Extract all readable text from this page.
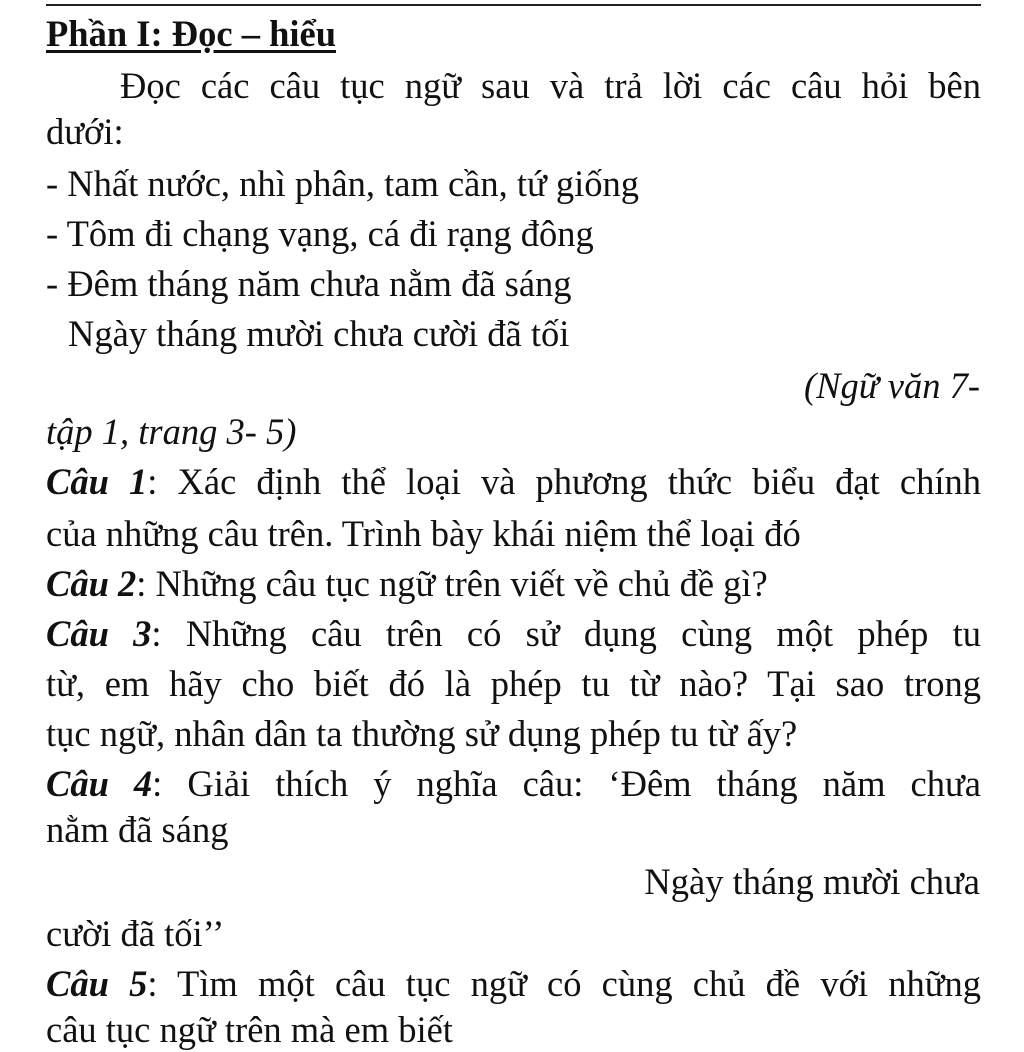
Phần I: Đọc – hiểu
Đọc các câu tục ngữ sau và trả lời các câu hỏi bên
dưới:
- Nhất nước, nhì phân, tam cần, tứ giống
- Tôm đi chạng vạng, cá đi rạng đông
- Đêm tháng năm chưa nằm đã sáng
Ngày tháng mười chưa cười đã tối
(Ngữ văn 7-
tập 1, trang 3- 5)
Câu 1: Xác định thể loại và phương thức biểu đạt chính
của những câu trên. Trình bày khái niệm thể loại đó
Câu 2: Những câu tục ngữ trên viết về chủ đề gì?
Câu 3: Những câu trên có sử dụng cùng một phép tu
từ, em hãy cho biết đó là phép tu từ nào? Tại sao trong
tục ngữ, nhân dân ta thường sử dụng phép tu từ ấy?
Câu 4: Giải thích ý nghĩa câu: ‘Đêm tháng năm chưa
nằm đã sáng
Ngày tháng mười chưa
cười đã tối’’
Câu 5: Tìm một câu tục ngữ có cùng chủ đề với những
câu tục ngữ trên mà em biết
